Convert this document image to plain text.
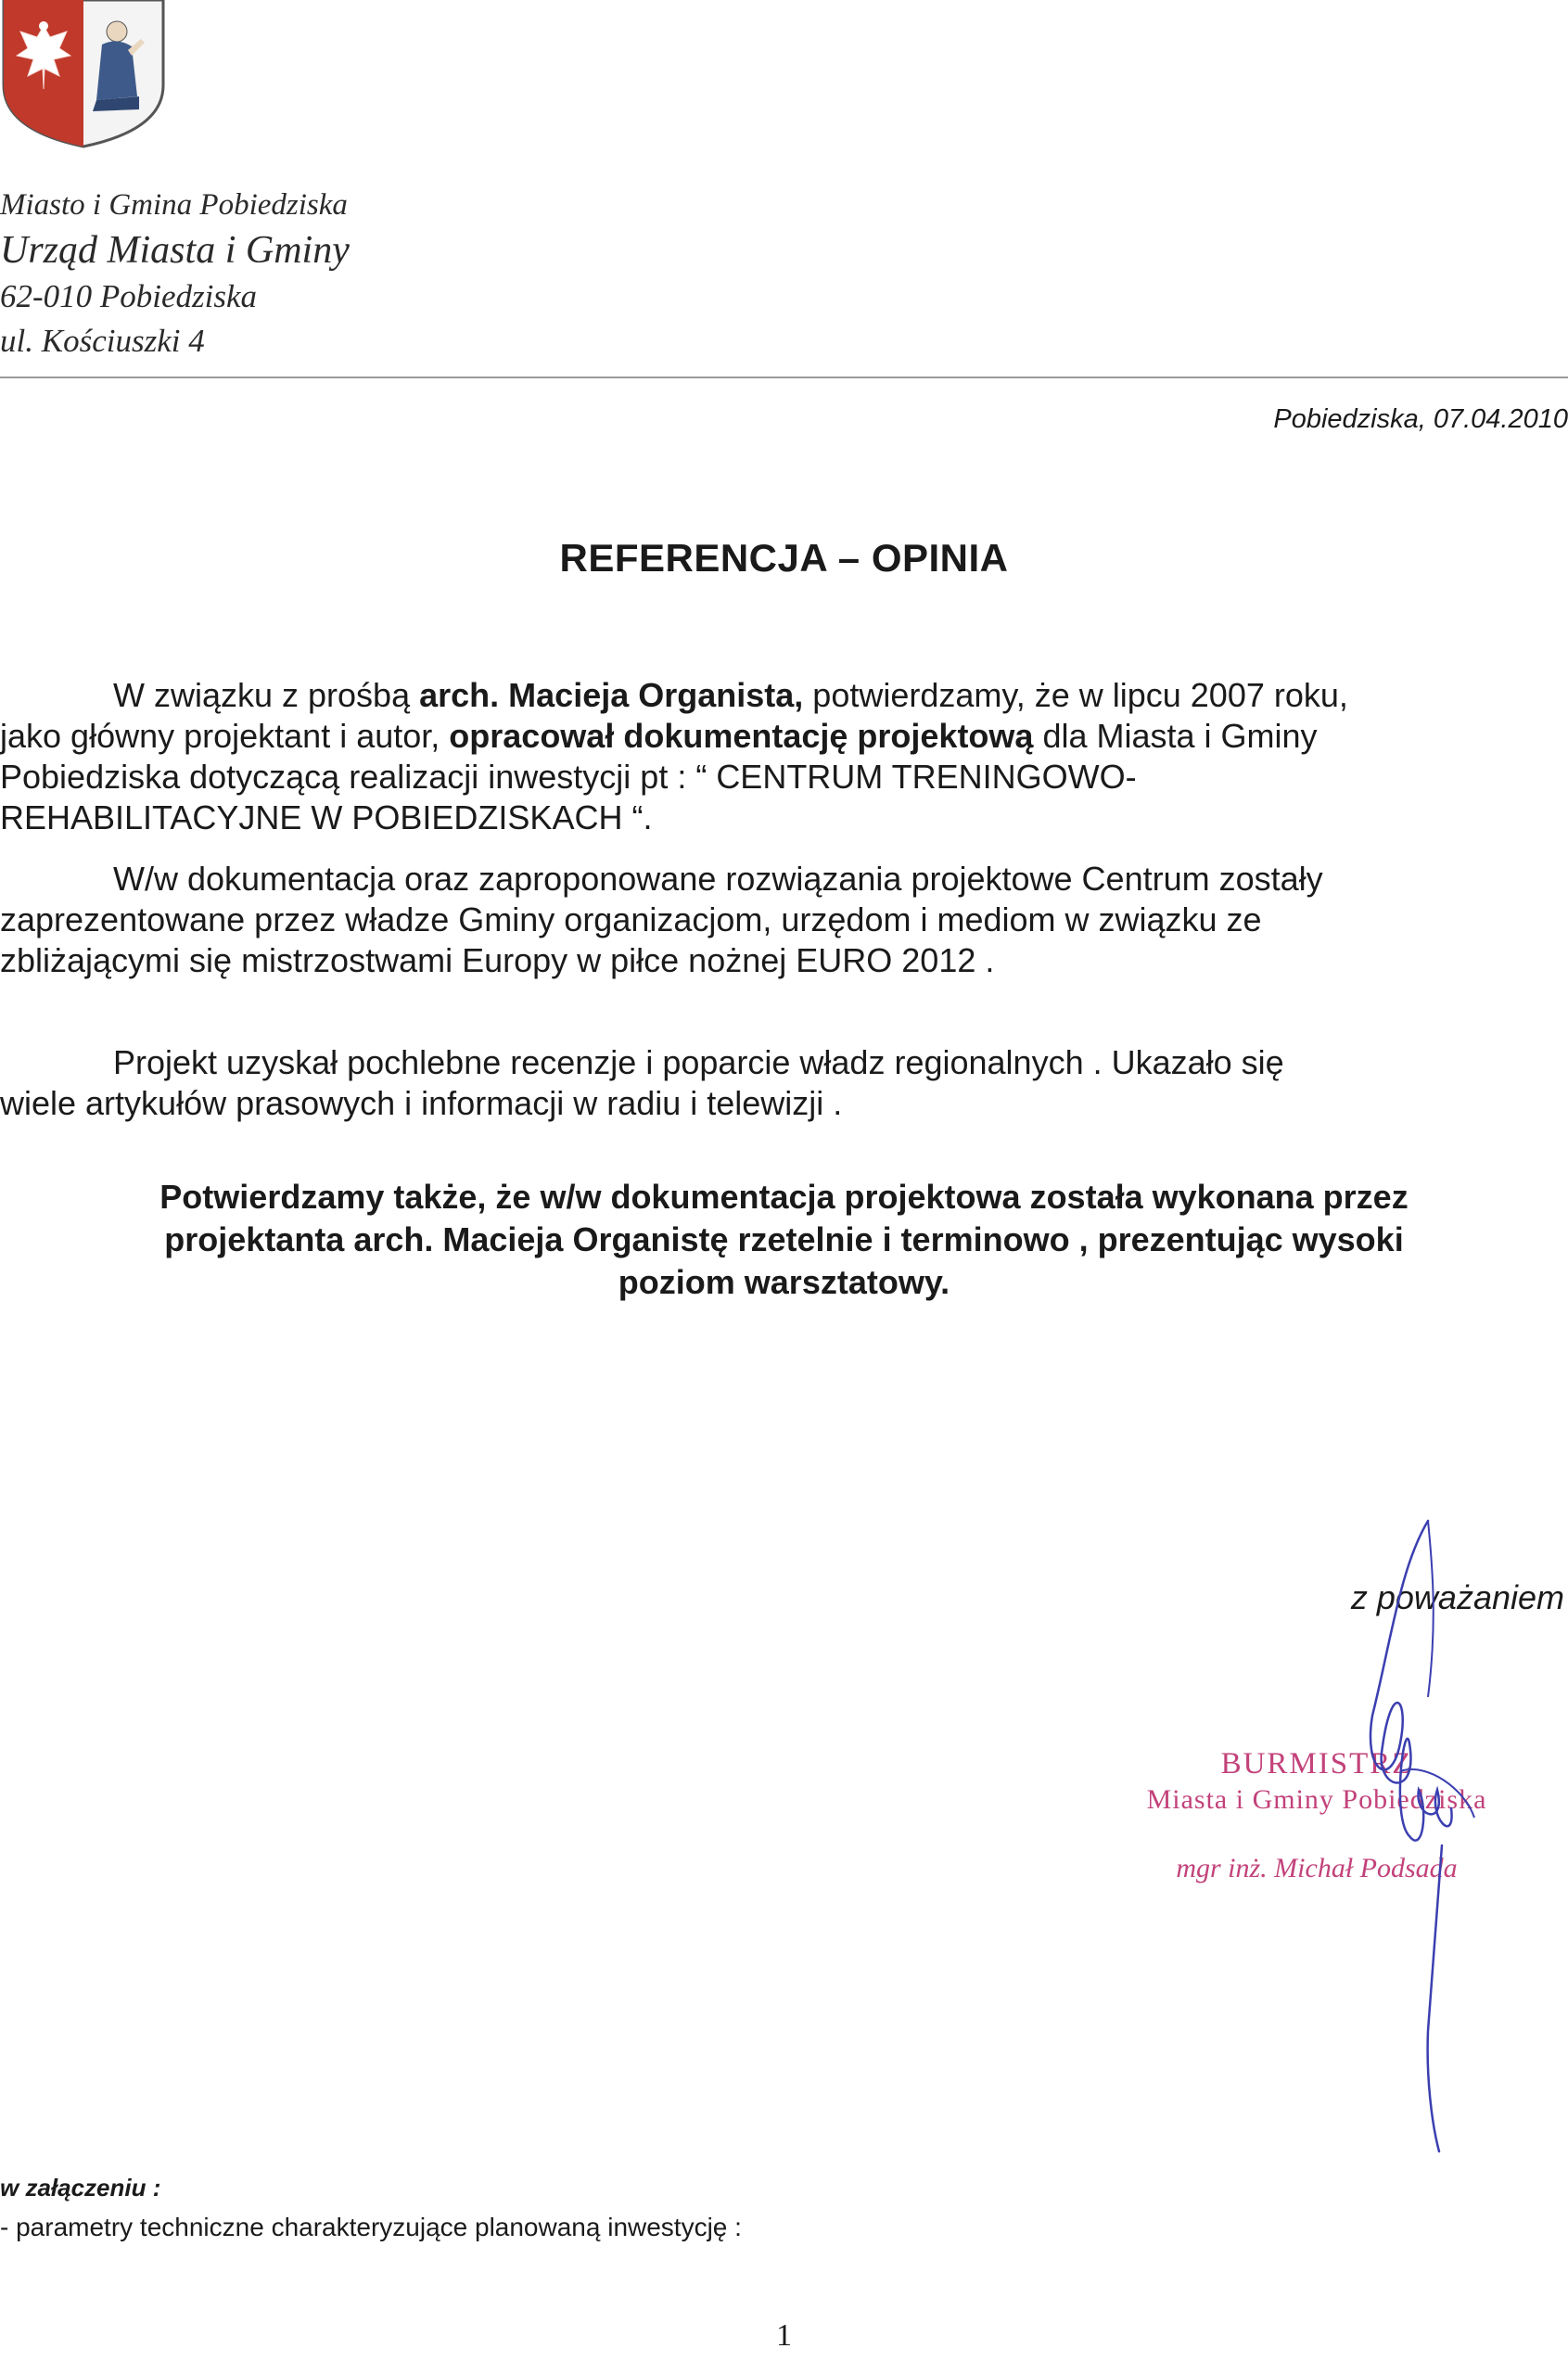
Miasto i Gmina Pobiedziska
Urząd Miasta i Gminy
62-010 Pobiedziska
ul. Kościuszki 4
Pobiedziska, 07.04.2010
REFERENCJA – OPINIA
W związku z prośbą arch. Macieja Organista, potwierdzamy, że w lipcu 2007 roku,
jako główny projektant i autor, opracował dokumentację projektową dla Miasta i Gminy
Pobiedziska dotyczącą realizacji inwestycji pt : “ CENTRUM TRENINGOWO-
REHABILITACYJNE W POBIEDZISKACH “.
W/w dokumentacja oraz zaproponowane rozwiązania projektowe Centrum zostały
zaprezentowane przez władze Gminy organizacjom, urzędom i mediom w związku ze
zbliżającymi się mistrzostwami Europy w piłce nożnej EURO 2012 .
Projekt uzyskał pochlebne recenzje i poparcie władz regionalnych . Ukazało się
wiele artykułów prasowych i informacji w radiu i telewizji .
Potwierdzamy także, że w/w dokumentacja projektowa została wykonana przez
projektanta arch. Macieja Organistę rzetelnie i terminowo , prezentując wysoki
poziom warsztatowy.
z poważaniem
BURMISTRZ
Miasta i Gminy Pobiedziska
mgr inż. Michał Podsada
w załączeniu :
- parametry techniczne charakteryzujące planowaną inwestycję :
1
